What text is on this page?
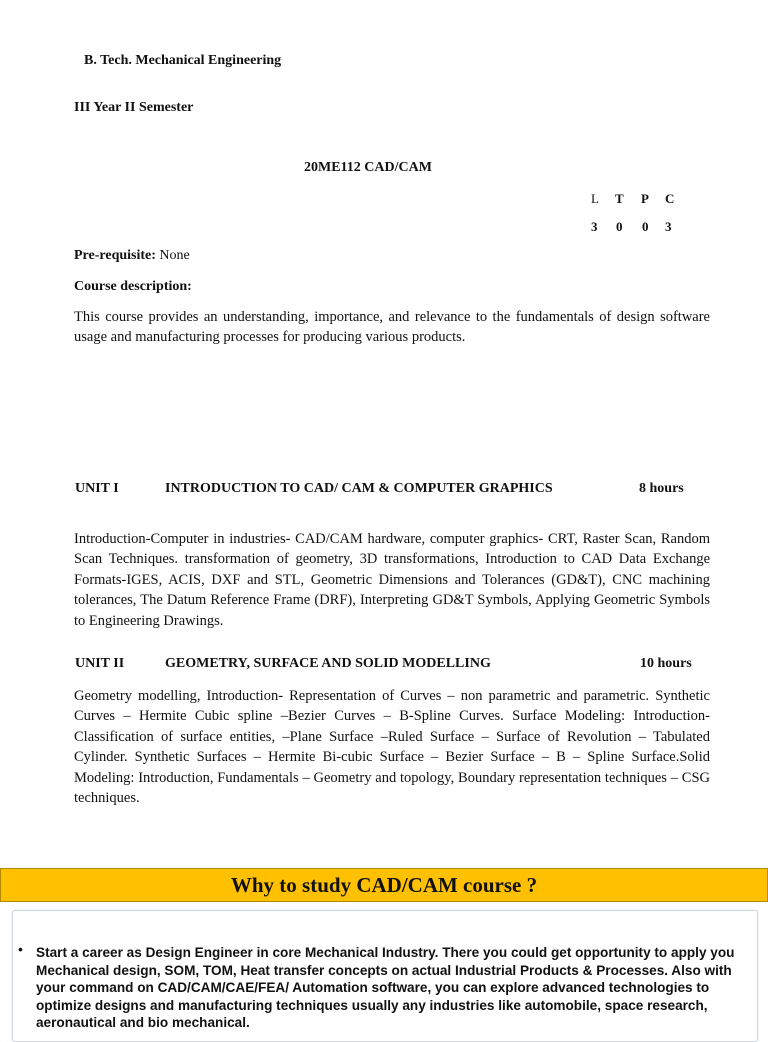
B. Tech. Mechanical Engineering
III Year II Semester
20ME112 CAD/CAM
L T P C
3 0 0 3
Pre-requisite: None
Course description:
This course provides an understanding, importance, and relevance to the fundamentals of design software usage and manufacturing processes for producing various products.
UNIT I	INTRODUCTION TO CAD/ CAM & COMPUTER GRAPHICS	8 hours
Introduction-Computer in industries- CAD/CAM hardware, computer graphics- CRT, Raster Scan, Random Scan Techniques. transformation of geometry, 3D transformations, Introduction to CAD Data Exchange Formats-IGES, ACIS, DXF and STL, Geometric Dimensions and Tolerances (GD&T), CNC machining tolerances, The Datum Reference Frame (DRF), Interpreting GD&T Symbols, Applying Geometric Symbols to Engineering Drawings.
UNIT II	GEOMETRY, SURFACE AND SOLID MODELLING	10 hours
Geometry modelling, Introduction- Representation of Curves – non parametric and parametric. Synthetic Curves – Hermite Cubic spline –Bezier Curves – B-Spline Curves. Surface Modeling: Introduction-Classification of surface entities, –Plane Surface –Ruled Surface – Surface of Revolution – Tabulated Cylinder. Synthetic Surfaces – Hermite Bi-cubic Surface – Bezier Surface – B – Spline Surface.Solid Modeling: Introduction, Fundamentals – Geometry and topology, Boundary representation techniques – CSG techniques.
Why to study CAD/CAM course ?
• Start a career as Design Engineer in core Mechanical Industry. There you could get opportunity to apply you Mechanical design, SOM, TOM, Heat transfer concepts on actual Industrial Products & Processes. Also with your command on CAD/CAM/CAE/FEA/ Automation software, you can explore advanced technologies to optimize designs and manufacturing techniques usually any industries like automobile, space research, aeronautical and bio mechanical.
